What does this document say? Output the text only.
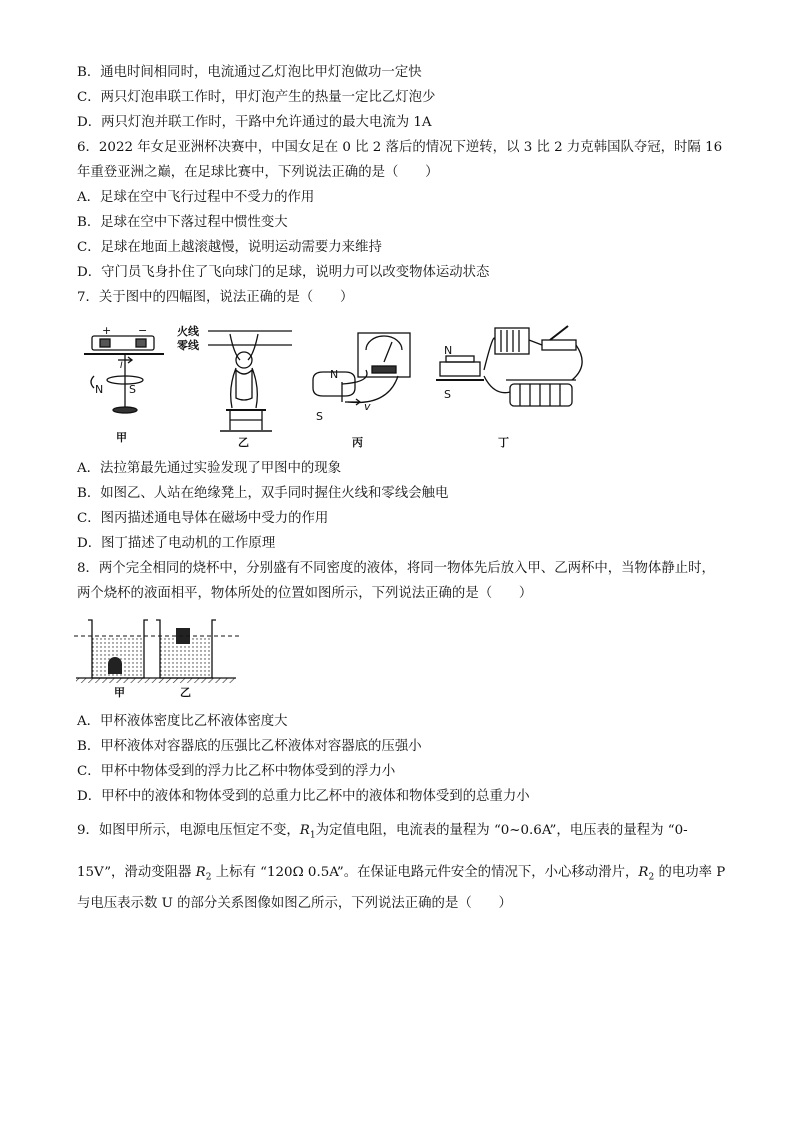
B．通电时间相同时，电流通过乙灯泡比甲灯泡做功一定快
C．两只灯泡串联工作时，甲灯泡产生的热量一定比乙灯泡少
D．两只灯泡并联工作时，干路中允许通过的最大电流为 1A
6．2022 年女足亚洲杯决赛中，中国女足在 0 比 2 落后的情况下逆转，以 3 比 2 力克韩国队夺冠，时隔 16
年重登亚洲之巅，在足球比赛中，下列说法正确的是（　　）
A．足球在空中飞行过程中不受力的作用
B．足球在空中下落过程中惯性变大
C．足球在地面上越滚越慢，说明运动需要力来维持
D．守门员飞身扑住了飞向球门的足球，说明力可以改变物体运动状态
7．关于图中的四幅图，说法正确的是（　　）
+ −
I
N S
火线
零线
N
S
v
N
S
甲	乙	丙	丁
A．法拉第最先通过实验发现了甲图中的现象
B．如图乙、人站在绝缘凳上，双手同时握住火线和零线会触电
C．图丙描述通电导体在磁场中受力的作用
D．图丁描述了电动机的工作原理
8．两个完全相同的烧杯中，分别盛有不同密度的液体，将同一物体先后放入甲、乙两杯中，当物体静止时，
两个烧杯的液面相平，物体所处的位置如图所示，下列说法正确的是（　　）
甲	乙
A．甲杯液体密度比乙杯液体密度大
B．甲杯液体对容器底的压强比乙杯液体对容器底的压强小
C．甲杯中物体受到的浮力比乙杯中物体受到的浮力小
D．甲杯中的液体和物体受到的总重力比乙杯中的液体和物体受到的总重力小
9．如图甲所示，电源电压恒定不变，$R_1$为定值电阻，电流表的量程为 “0~0.6A”，电压表的量程为 “0-
15V”，滑动变阻器 $R_2$ 上标有 “120Ω 0.5A”。在保证电路元件安全的情况下，小心移动滑片，$R_2$ 的电功率 P
与电压表示数 U 的部分关系图像如图乙所示，下列说法正确的是（　　）
